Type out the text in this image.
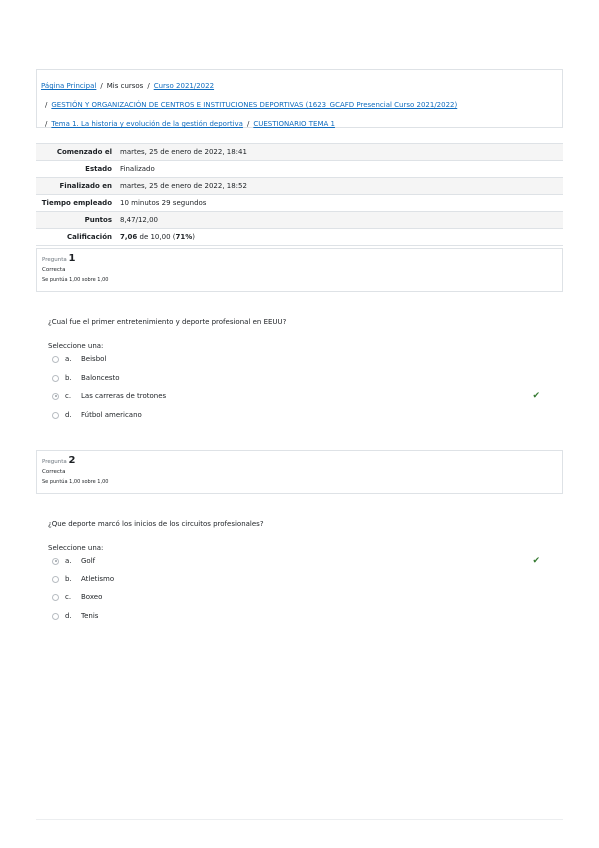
Página Principal / Mis cursos / Curso 2021/2022
/ GESTIÓN Y ORGANIZACIÓN DE CENTROS E INSTITUCIONES DEPORTIVAS (1623_GCAFD Presencial Curso 2021/2022)
/ Tema 1. La historia y evolución de la gestión deportiva / CUESTIONARIO TEMA 1
Comenzado el	martes, 25 de enero de 2022, 18:41
Estado	Finalizado
Finalizado en	martes, 25 de enero de 2022, 18:52
Tiempo empleado	10 minutos 29 segundos
Puntos	8,47/12,00
Calificación	7,06 de 10,00 (71%)
Pregunta 1
Correcta
Se puntúa 1,00 sobre 1,00
¿Cual fue el primer entretenimiento y deporte profesional en EEUU?
Seleccione una:
a.	Beisbol
b.	Baloncesto
c.	Las carreras de trotones	✔
d.	Fútbol americano
Pregunta 2
Correcta
Se puntúa 1,00 sobre 1,00
¿Que deporte marcó los inicios de los circuitos profesionales?
Seleccione una:
a.	Golf	✔
b.	Atletismo
c.	Boxeo
d.	Tenis
